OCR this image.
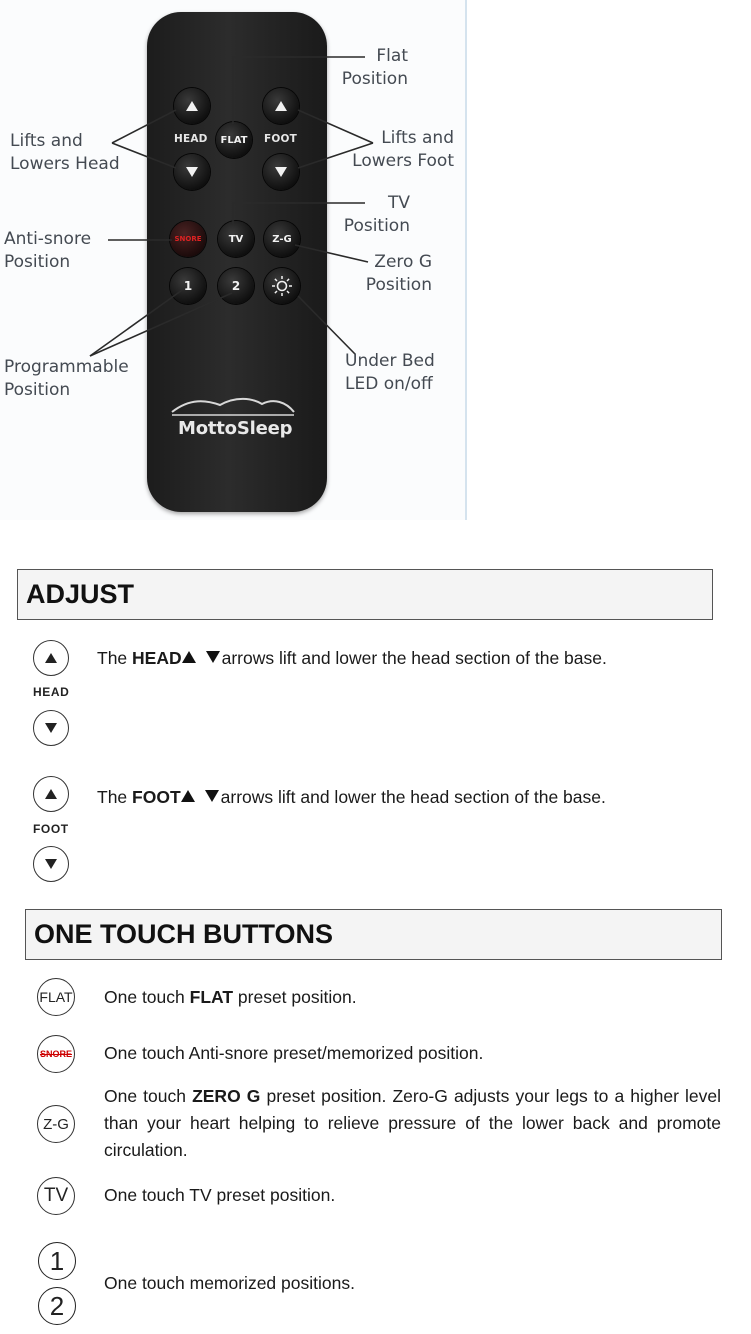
FLAT
HEAD	FOOT
SNORE	TV	Z-G
1	2
MottoSleep
Flat
Position
Lifts and
Lowers Head
Lifts and
Lowers Foot
TV
Position
Anti-snore
Position	Zero G
Position
Programmable
Position
Under Bed
LED on/off
ADJUST
HEAD
The HEAD arrows lift and lower the head section of the base.
FOOT
The FOOT arrows lift and lower the head section of the base.
ONE TOUCH BUTTONS
FLAT One touch FLAT preset position.
SNORE One touch Anti-snore preset/memorized position.
Z-G
One touch ZERO G preset position. Zero-G adjusts your legs to a higher level than your heart helping to relieve pressure of the lower back and promote circulation.
TV One touch TV preset position.
1
2
One touch memorized positions.
